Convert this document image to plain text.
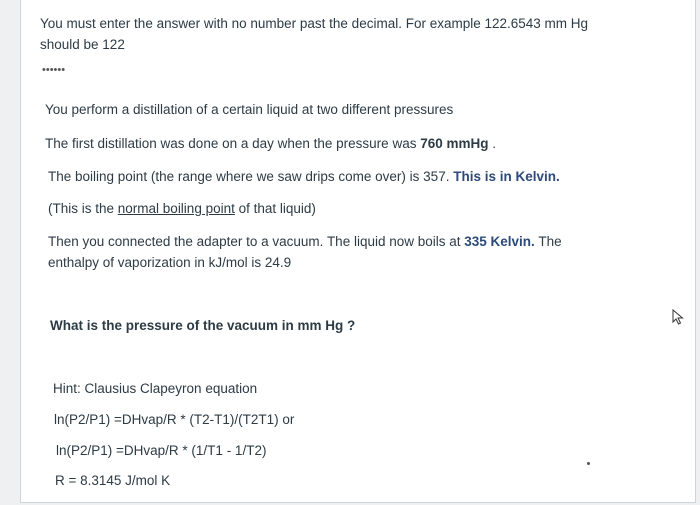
You must enter the answer with no number past the decimal. For example 122.6543 mm Hg
should be 122
••••••
You perform a distillation of a certain liquid at two different pressures
The first distillation was done on a day when the pressure was 760 mmHg .
The boiling point (the range where we saw drips come over) is 357. This is in Kelvin.
(This is the normal boiling point of that liquid)
Then you connected the adapter to a vacuum. The liquid now boils at 335 Kelvin. The
enthalpy of vaporization in kJ/mol is 24.9
What is the pressure of the vacuum in mm Hg ?
Hint: Clausius Clapeyron equation
ln(P2/P1) =DHvap/R * (T2-T1)/(T2T1) or
ln(P2/P1) =DHvap/R * (1/T1 - 1/T2)
R = 8.3145 J/mol K
